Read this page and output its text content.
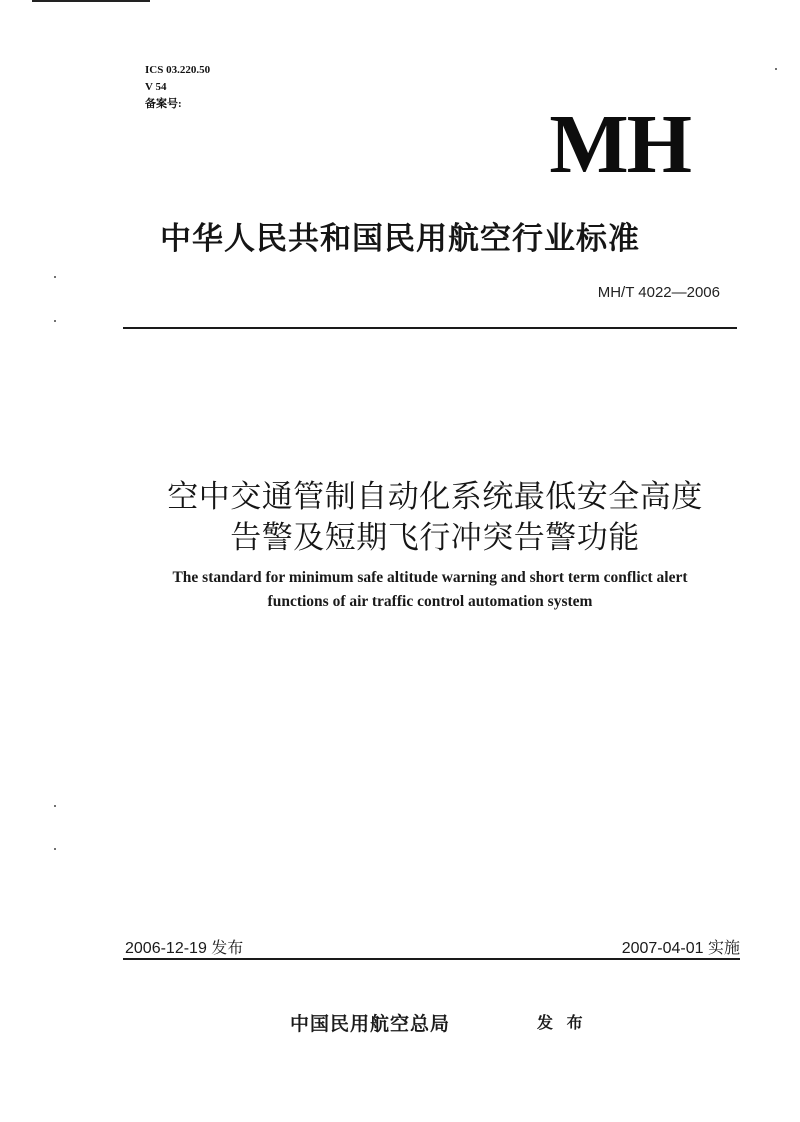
ICS 03.220.50
V 54
备案号:	MH
中华人民共和国民用航空行业标准
MH/T 4022—2006
空中交通管制自动化系统最低安全高度
告警及短期飞行冲突告警功能
The standard for minimum safe altitude warning and short term conflict alert
functions of air traffic control automation system
2006-12-19 发布	2007-04-01 实施
中国民用航空总局	发 布
